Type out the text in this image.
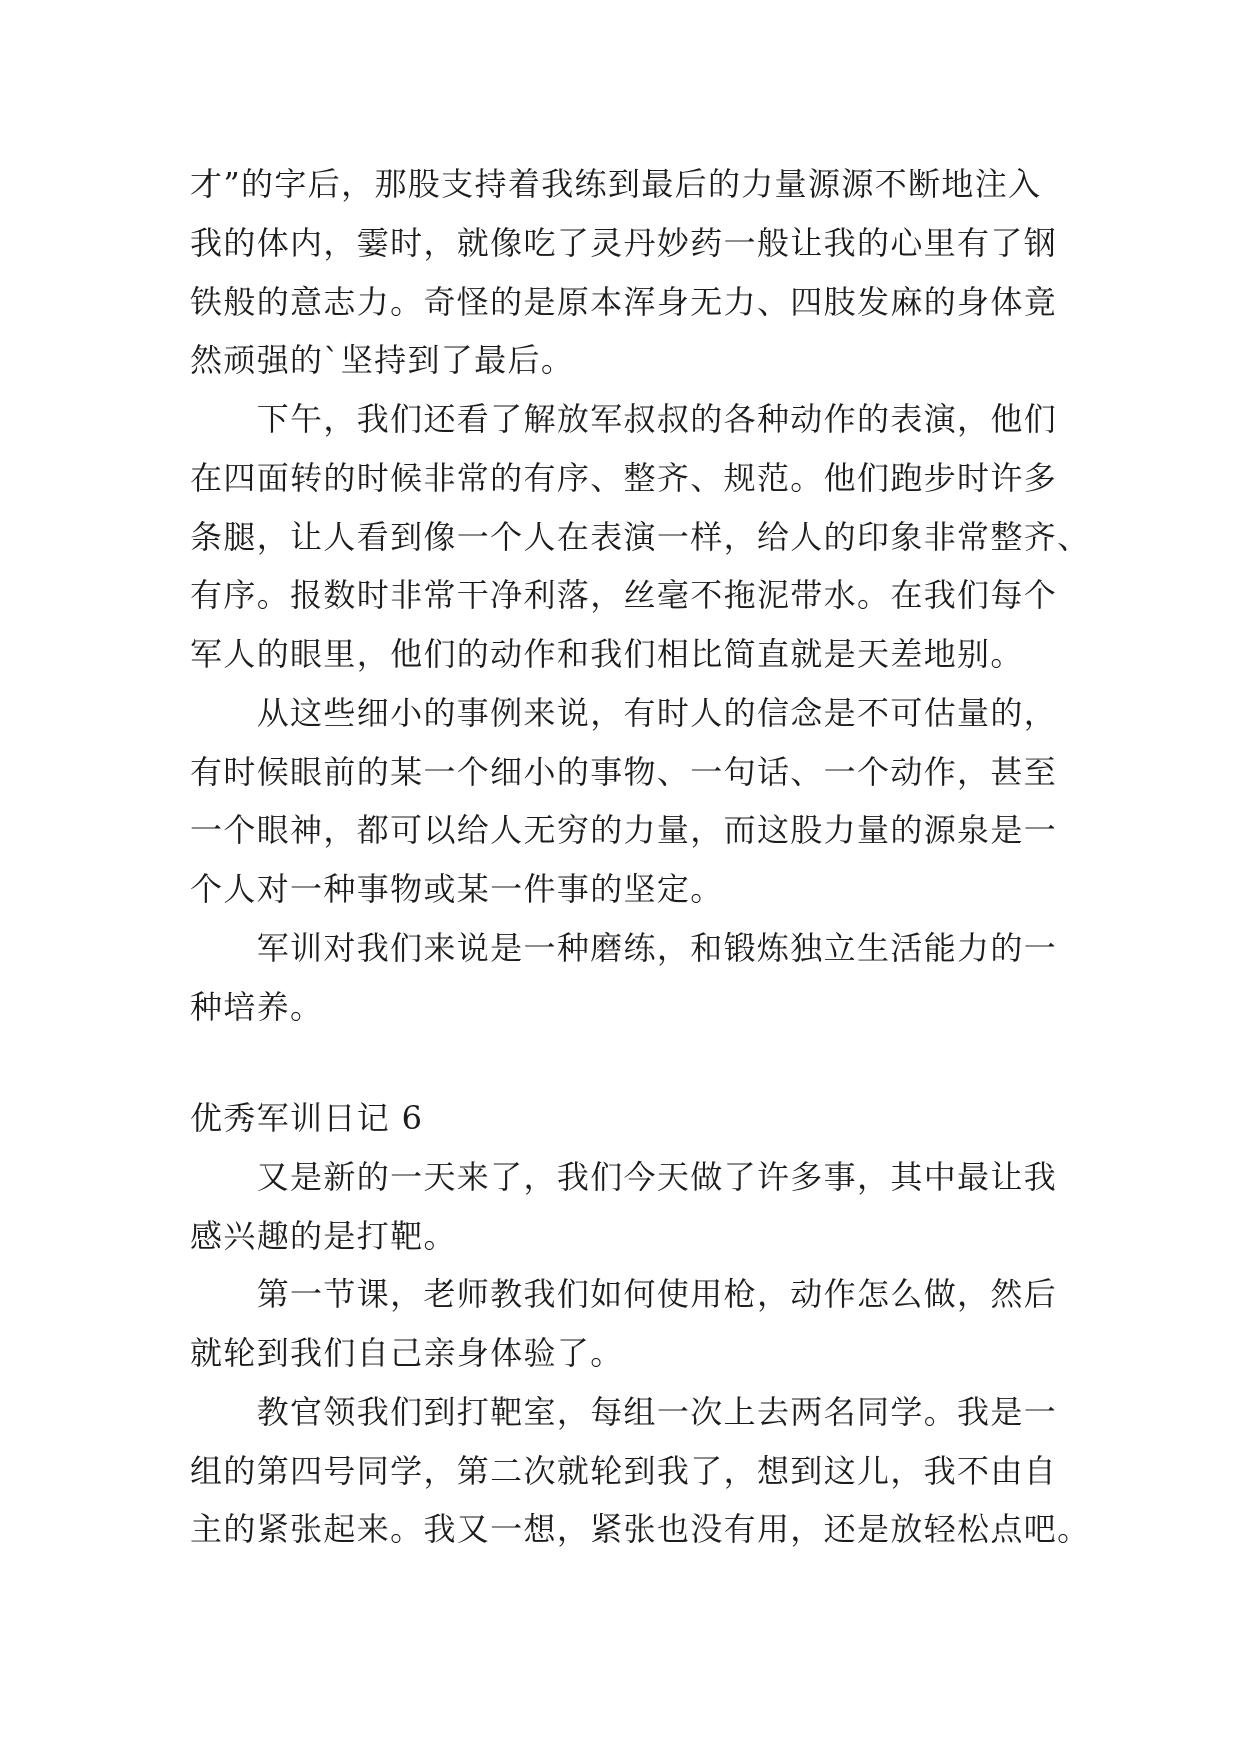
才”的字后，那股支持着我练到最后的力量源源不断地注入
我的体内，霎时，就像吃了灵丹妙药一般让我的心里有了钢
铁般的意志力。奇怪的是原本浑身无力、四肢发麻的身体竟
然顽强的`坚持到了最后。
下午，我们还看了解放军叔叔的各种动作的表演，他们
在四面转的时候非常的有序、整齐、规范。他们跑步时许多
条腿，让人看到像一个人在表演一样，给人的印象非常整齐、
有序。报数时非常干净利落，丝毫不拖泥带水。在我们每个
军人的眼里，他们的动作和我们相比简直就是天差地别。
从这些细小的事例来说，有时人的信念是不可估量的，
有时候眼前的某一个细小的事物、一句话、一个动作，甚至
一个眼神，都可以给人无穷的力量，而这股力量的源泉是一
个人对一种事物或某一件事的坚定。
军训对我们来说是一种磨练，和锻炼独立生活能力的一
种培养。
优秀军训日记 6
又是新的一天来了，我们今天做了许多事，其中最让我
感兴趣的是打靶。
第一节课，老师教我们如何使用枪，动作怎么做，然后
就轮到我们自己亲身体验了。
教官领我们到打靶室，每组一次上去两名同学。我是一
组的第四号同学，第二次就轮到我了，想到这儿，我不由自
主的紧张起来。我又一想，紧张也没有用，还是放轻松点吧。
